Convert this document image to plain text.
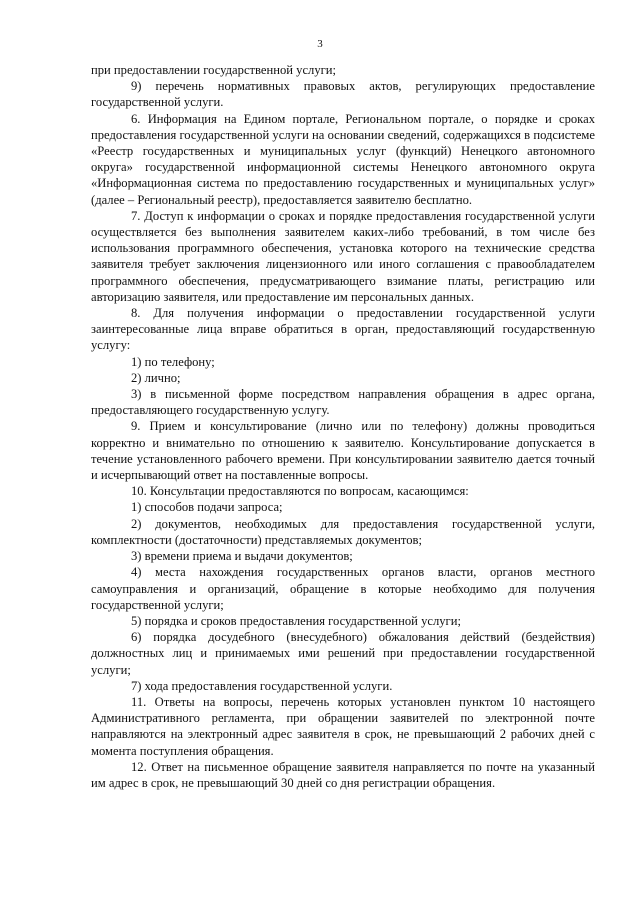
3

при предоставлении государственной услуги;

9) перечень нормативных правовых актов, регулирующих предоставление государственной услуги.

6. Информация на Едином портале, Региональном портале, о порядке и сроках предоставления государственной услуги на основании сведений, содержащихся в подсистеме «Реестр государственных и муниципальных услуг (функций) Ненецкого автономного округа» государственной информационной системы Ненецкого автономного округа «Информационная система по предоставлению государственных и муниципальных услуг» (далее – Региональный реестр), предоставляется заявителю бесплатно.

7. Доступ к информации о сроках и порядке предоставления государственной услуги осуществляется без выполнения заявителем каких-либо требований, в том числе без использования программного обеспечения, установка которого на технические средства заявителя требует заключения лицензионного или иного соглашения с правообладателем программного обеспечения, предусматривающего взимание платы, регистрацию или авторизацию заявителя, или предоставление им персональных данных.

8. Для получения информации о предоставлении государственной услуги заинтересованные лица вправе обратиться в орган, предоставляющий государственную услугу:

1) по телефону;

2) лично;

3) в письменной форме посредством направления обращения в адрес органа, предоставляющего государственную услугу.

9. Прием и консультирование (лично или по телефону) должны проводиться корректно и внимательно по отношению к заявителю. Консультирование допускается в течение установленного рабочего времени. При консультировании заявителю дается точный и исчерпывающий ответ на поставленные вопросы.

10. Консультации предоставляются по вопросам, касающимся:

1) способов подачи запроса;

2) документов, необходимых для предоставления государственной услуги, комплектности (достаточности) представляемых документов;

3) времени приема и выдачи документов;

4) места нахождения государственных органов власти, органов местного самоуправления и организаций, обращение в которые необходимо для получения государственной услуги;

5) порядка и сроков предоставления государственной услуги;

6) порядка досудебного (внесудебного) обжалования действий (бездействия) должностных лиц и принимаемых ими решений при предоставлении государственной услуги;

7) хода предоставления государственной услуги.

11. Ответы на вопросы, перечень которых установлен пунктом 10 настоящего Административного регламента, при обращении заявителей по электронной почте направляются на электронный адрес заявителя в срок, не превышающий 2 рабочих дней с момента поступления обращения.

12. Ответ на письменное обращение заявителя направляется по почте на указанный им адрес в срок, не превышающий 30 дней со дня регистрации обращения.
